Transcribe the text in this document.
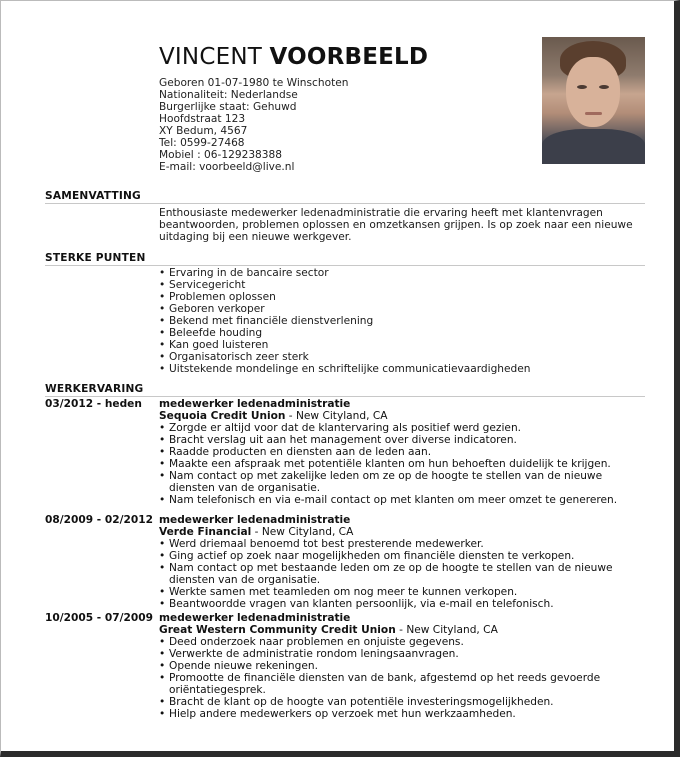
VINCENT VOORBEELD
Geboren 01-07-1980 te Winschoten
Nationaliteit: Nederlandse
Burgerlijke staat: Gehuwd
Hoofdstraat 123
XY Bedum, 4567
Tel: 0599-27468
Mobiel : 06-129238388
E-mail: voorbeeld@live.nl
SAMENVATTING

Enthousiaste medewerker ledenadministratie die ervaring heeft met klantenvragen beantwoorden, problemen oplossen en omzetkansen grijpen. Is op zoek naar een nieuwe uitdaging bij een nieuwe werkgever.

STERKE PUNTEN
• Ervaring in de bancaire sector
• Servicegericht
• Problemen oplossen
• Geboren verkoper
• Bekend met financiële dienstverlening
• Beleefde houding
• Kan goed luisteren
• Organisatorisch zeer sterk
• Uitstekende mondelinge en schriftelijke communicatievaardigheden
WERKERVARING
03/2012 - heden medewerker ledenadministratie
Sequoia Credit Union - New Cityland, CA
• Zorgde er altijd voor dat de klantervaring als positief werd gezien.
• Bracht verslag uit aan het management over diverse indicatoren.
• Raadde producten en diensten aan de leden aan.
• Maakte een afspraak met potentiële klanten om hun behoeften duidelijk te krijgen.
• Nam contact op met zakelijke leden om ze op de hoogte te stellen van de nieuwe diensten van de organisatie.
• Nam telefonisch en via e-mail contact op met klanten om meer omzet te genereren.
08/2009 - 02/2012 medewerker ledenadministratie
Verde Financial - New Cityland, CA
• Werd driemaal benoemd tot best presterende medewerker.
• Ging actief op zoek naar mogelijkheden om financiële diensten te verkopen.
• Nam contact op met bestaande leden om ze op de hoogte te stellen van de nieuwe diensten van de organisatie.
• Werkte samen met teamleden om nog meer te kunnen verkopen.
• Beantwoordde vragen van klanten persoonlijk, via e-mail en telefonisch.
10/2005 - 07/2009 medewerker ledenadministratie
Great Western Community Credit Union - New Cityland, CA
• Deed onderzoek naar problemen en onjuiste gegevens.
• Verwerkte de administratie rondom leningsaanvragen.
• Opende nieuwe rekeningen.
• Promootte de financiële diensten van de bank, afgestemd op het reeds gevoerde oriëntatiegesprek.
• Bracht de klant op de hoogte van potentiële investeringsmogelijkheden.
• Hielp andere medewerkers op verzoek met hun werkzaamheden.
